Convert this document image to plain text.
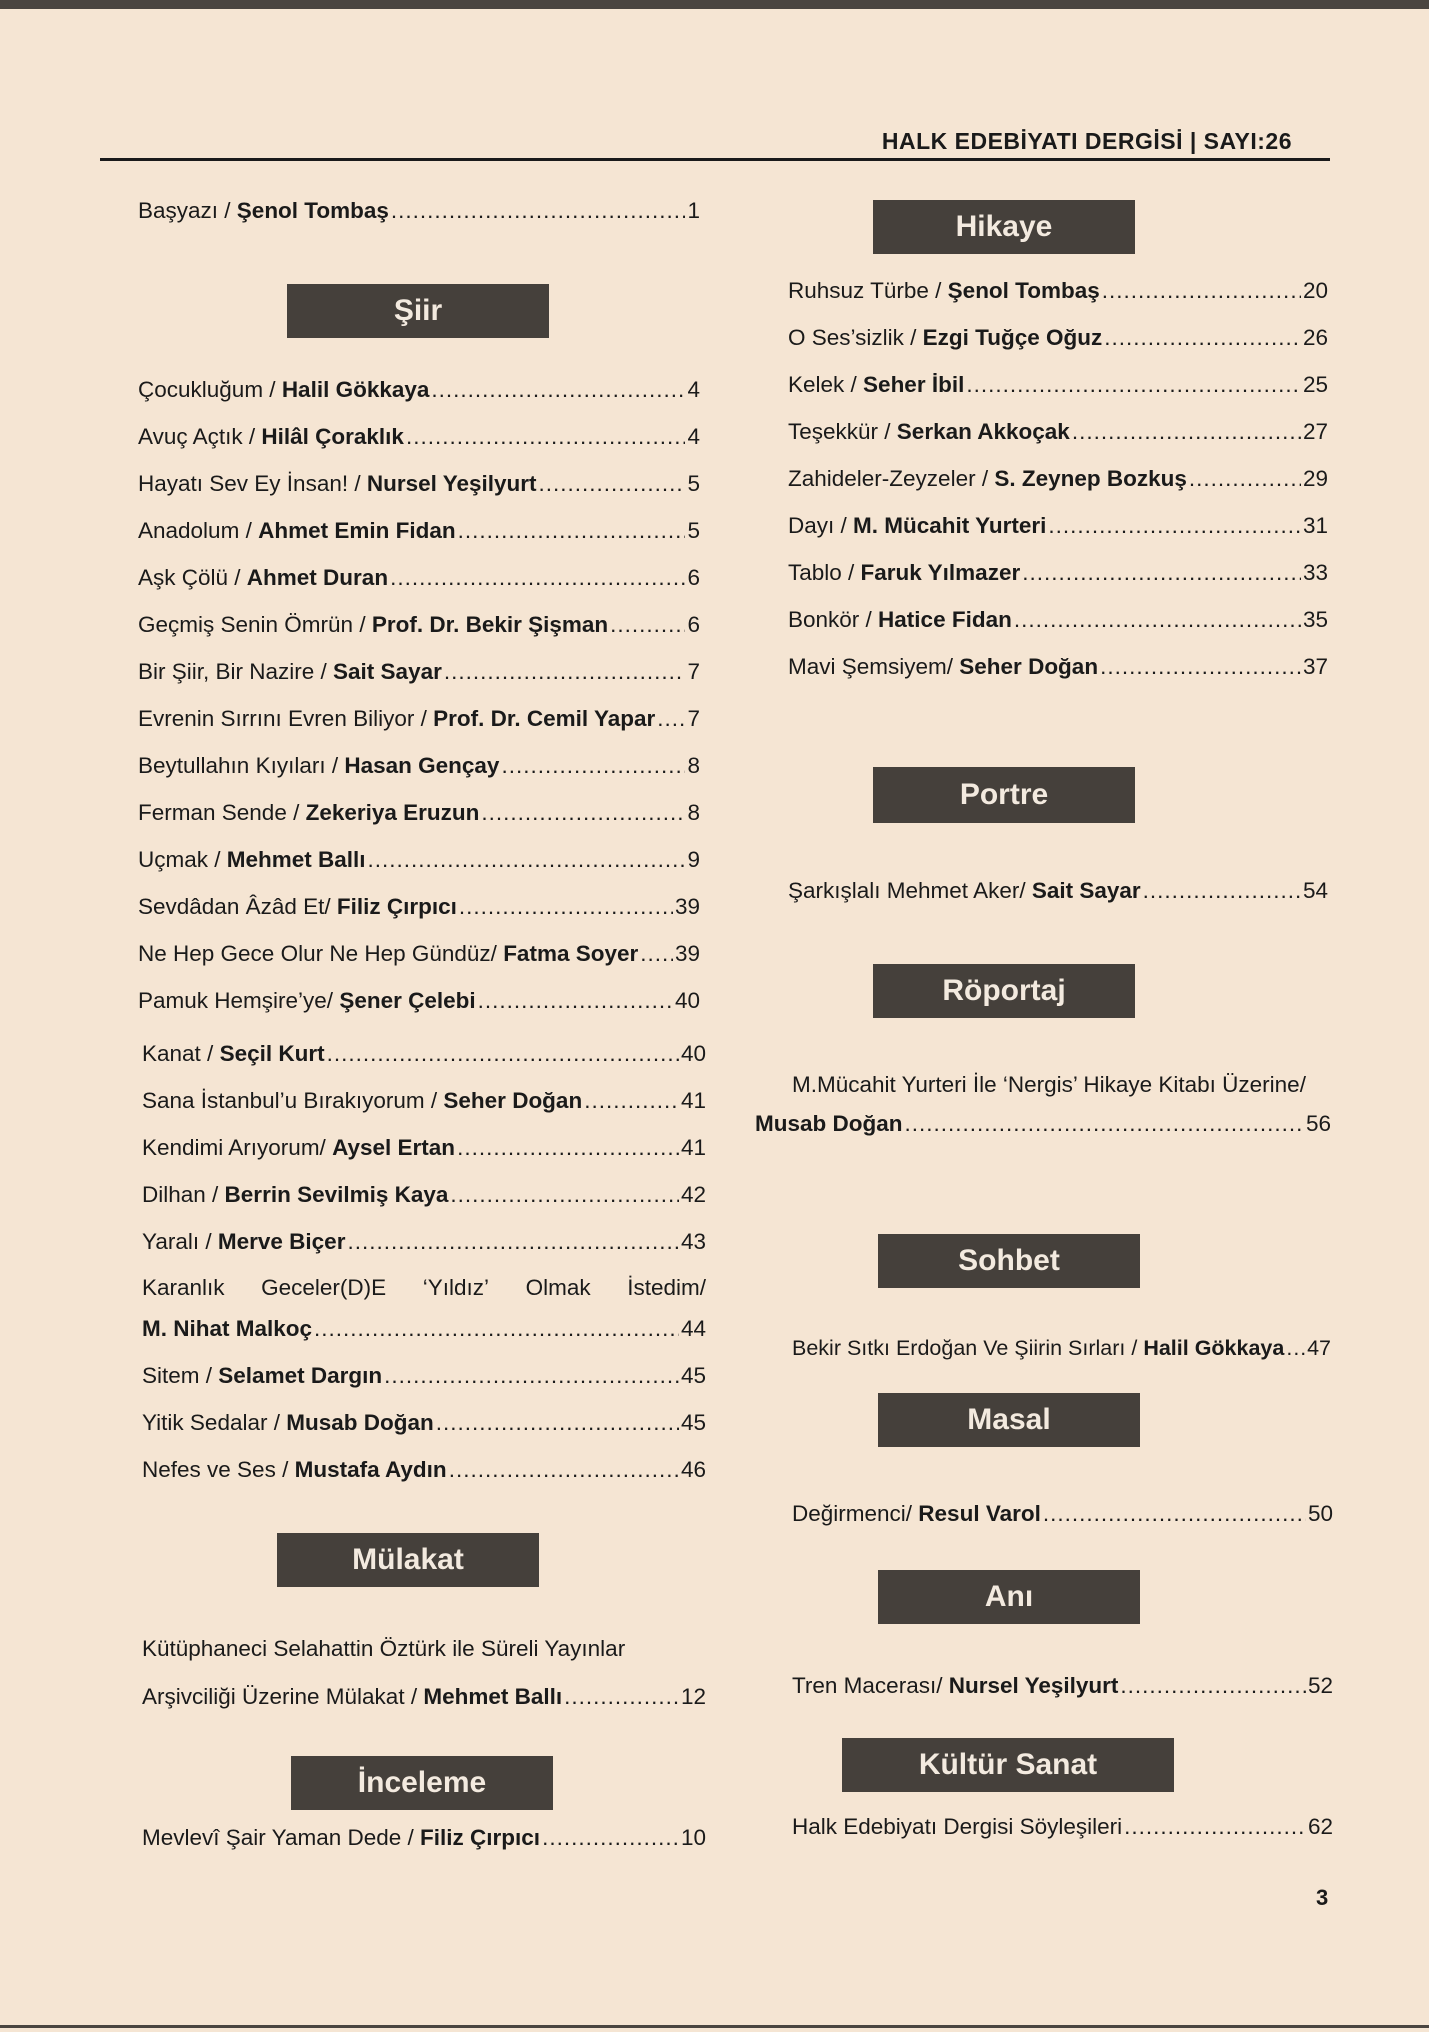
HALK EDEBİYATI DERGİSİ | SAYI:26
Başyazı / Şenol Tombaş .....	1
Şiir
Çocukluğum / Halil Gökkaya .....	4
Avuç Açtık / Hilâl Çoraklık .....	4
Hayatı Sev Ey İnsan! / Nursel Yeşilyurt .....	5
Anadolum / Ahmet Emin Fidan .....	5
Aşk Çölü / Ahmet Duran .....	6
Geçmiş Senin Ömrün / Prof. Dr. Bekir Şişman .....	6
Bir Şiir, Bir Nazire / Sait Sayar .....	7
Evrenin Sırrını Evren Biliyor / Prof. Dr. Cemil Yapar ..... 7
Beytullahın Kıyıları / Hasan Gençay .....	8
Ferman Sende / Zekeriya Eruzun .....	8
Uçmak / Mehmet Ballı .....	9
Sevdâdan Âzâd Et/ Filiz Çırpıcı .....	39
Ne Hep Gece Olur Ne Hep Gündüz/ Fatma Soyer ..... 39
Pamuk Hemşire’ye/ Şener Çelebi .....	40
Kanat / Seçil Kurt .....	40
Sana İstanbul’u Bırakıyorum / Seher Doğan .....	41
Kendimi Arıyorum/ Aysel Ertan .....	41
Dilhan / Berrin Sevilmiş Kaya .....	42
Yaralı / Merve Biçer .....	43
Karanlık Geceler(D)E ‘Yıldız’ Olmak İstedim/
M. Nihat Malkoç .....	44
Sitem / Selamet Dargın .....	45
Yitik Sedalar / Musab Doğan .....	45
Nefes ve Ses / Mustafa Aydın .....	46
Mülakat
Kütüphaneci Selahattin Öztürk ile Süreli Yayınlar
Arşivciliği Üzerine Mülakat / Mehmet Ballı .....	12
İnceleme
Mevlevî Şair Yaman Dede / Filiz Çırpıcı .....	10
Hikaye
Ruhsuz Türbe / Şenol Tombaş .....	20
O Ses’sizlik / Ezgi Tuğçe Oğuz .....	26
Kelek / Seher İbil .....	25
Teşekkür / Serkan Akkoçak .....	27
Zahideler-Zeyzeler / S. Zeynep Bozkuş .....	29
Dayı / M. Mücahit Yurteri .....	31
Tablo / Faruk Yılmazer .....	33
Bonkör / Hatice Fidan .....	35
Mavi Şemsiyem/ Seher Doğan .....	37
Portre
Şarkışlalı Mehmet Aker/ Sait Sayar .....	54
Röportaj
M.Mücahit Yurteri İle ‘Nergis’ Hikaye Kitabı Üzerine/
Musab Doğan .....	56
Sohbet
Bekir Sıtkı Erdoğan Ve Şiirin Sırları / Halil Gökkaya ..... 47
Masal
Değirmenci/ Resul Varol .....	50
Anı
Tren Macerası/ Nursel Yeşilyurt .....	52
Kültür Sanat
Halk Edebiyatı Dergisi Söyleşileri .....	62
3
